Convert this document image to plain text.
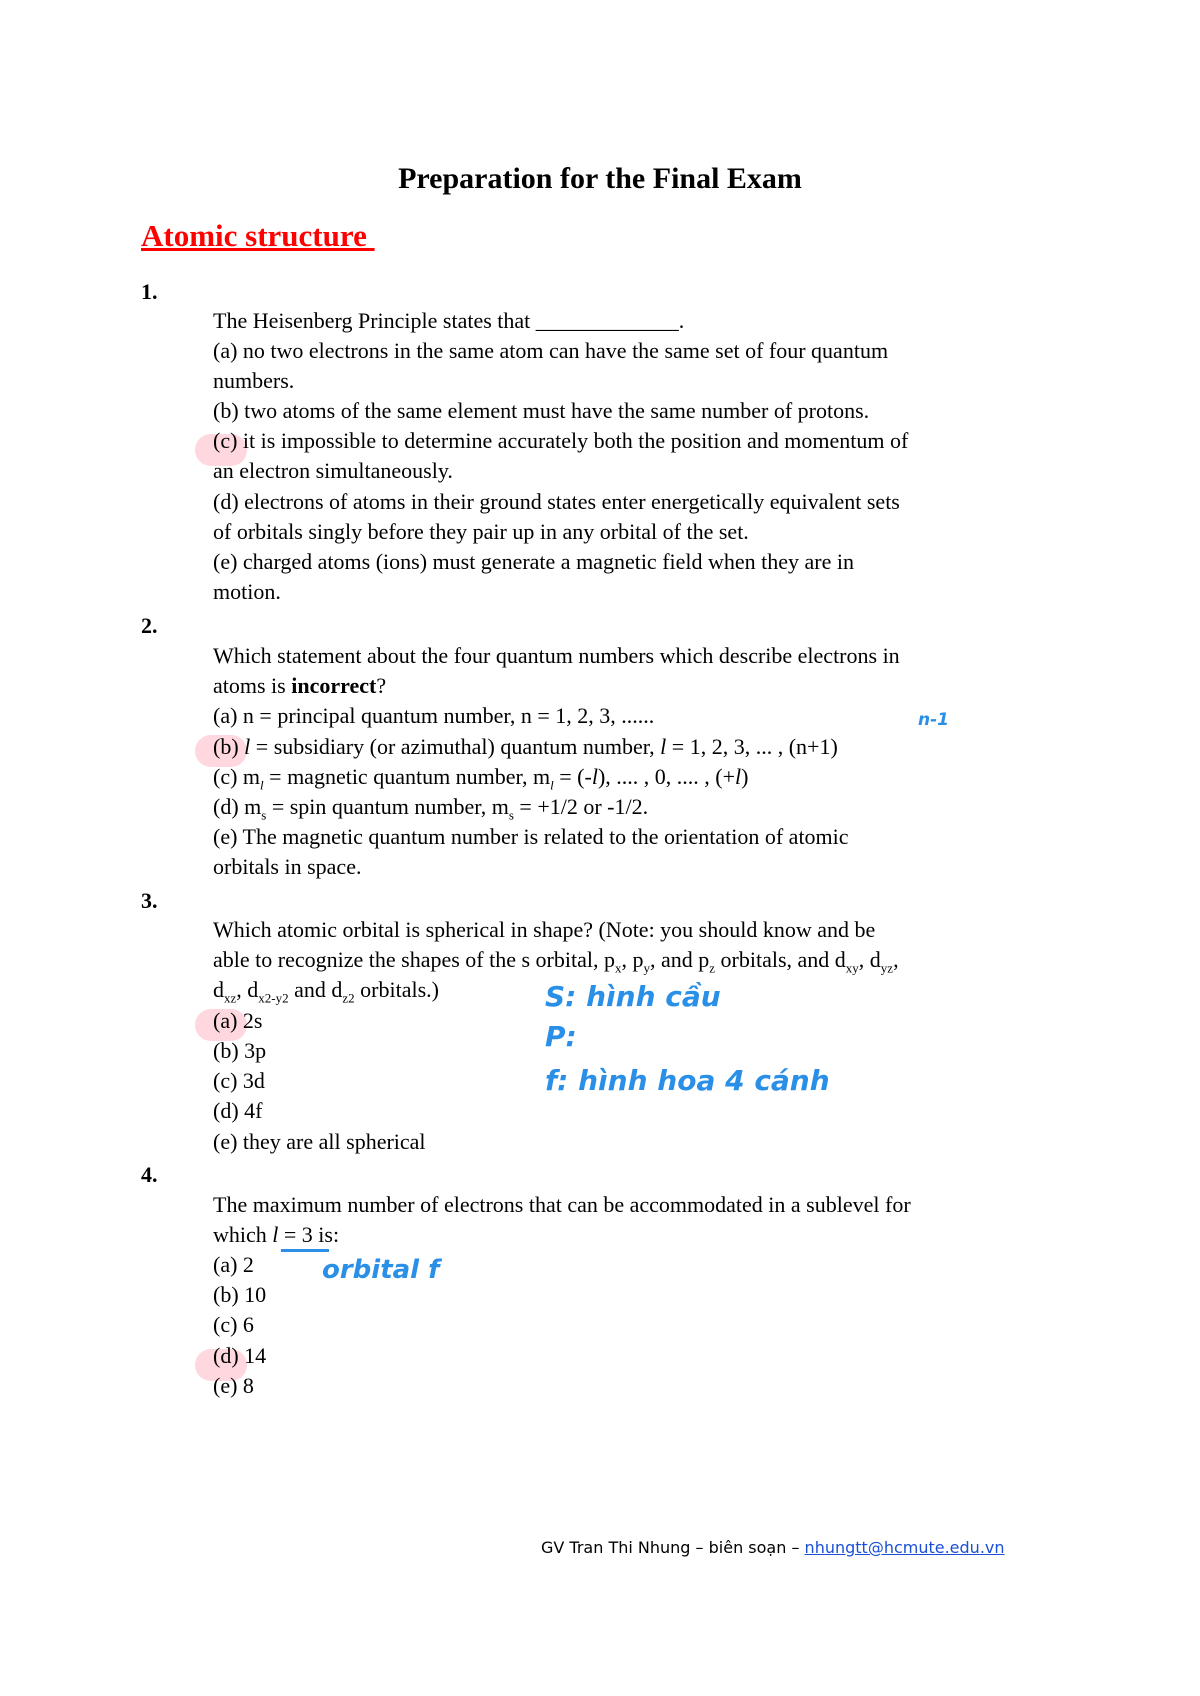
Preparation for the Final Exam
Atomic structure
1.
The Heisenberg Principle states that _____________.
(a) no two electrons in the same atom can have the same set of four quantum
numbers.
(b) two atoms of the same element must have the same number of protons.
(c) it is impossible to determine accurately both the position and momentum of
an electron simultaneously.
(d) electrons of atoms in their ground states enter energetically equivalent sets
of orbitals singly before they pair up in any orbital of the set.
(e) charged atoms (ions) must generate a magnetic field when they are in
motion.
2.
Which statement about the four quantum numbers which describe electrons in
atoms is incorrect?
(a) n = principal quantum number, n = 1, 2, 3, ......
(b) l = subsidiary (or azimuthal) quantum number, l = 1, 2, 3, ... , (n+1)
(c) $m_l$ = magnetic quantum number, $m_l = (-l)$, .... , 0, .... , (+l)
(d) $m_s$ = spin quantum number, $m_s = +1/2$ or -1/2.
(e) The magnetic quantum number is related to the orientation of atomic
orbitals in space.
3.
Which atomic orbital is spherical in shape? (Note: you should know and be
able to recognize the shapes of the s orbital, $p_x$, $p_y$, and $p_z$ orbitals, and $d_{xy}$, $d_{yz}$,
$d_{xz}$, $d_{x2-y2}$ and $d_{z2}$ orbitals.)
(a) 2s
(b) 3p
(c) 3d
(d) 4f
(e) they are all spherical
4.
The maximum number of electrons that can be accommodated in a sublevel for
which l = 3 is:
(a) 2
(b) 10
(c) 6
(d) 14
(e) 8
n-1
S: hình cầu
P:
f: hình hoa 4 cánh
orbital f
GV Tran Thi Nhung – biên soạn – nhungtt@hcmute.edu.vn
